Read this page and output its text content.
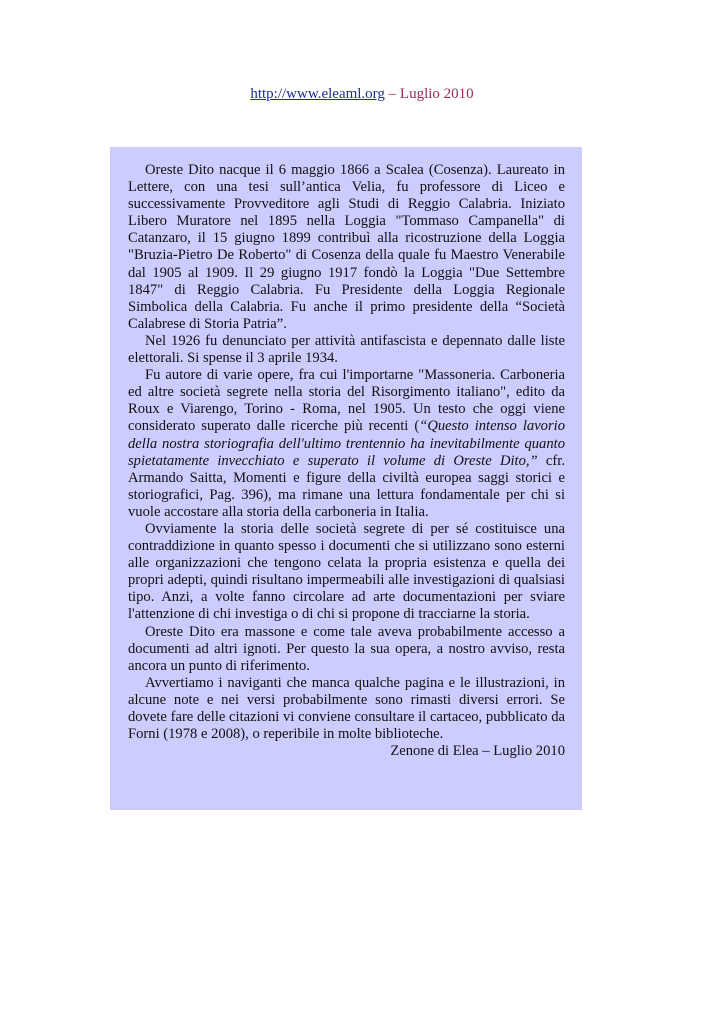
http://www.eleaml.org – Luglio 2010

Oreste Dito nacque il 6 maggio 1866 a Scalea (Cosenza). Laureato in Lettere, con una tesi sull’antica Velia, fu professore di Liceo e successivamente Provveditore agli Studi di Reggio Calabria. Iniziato Libero Muratore nel 1895 nella Loggia "Tommaso Campanella" di Catanzaro, il 15 giugno 1899 contribuì alla ricostruzione della Loggia "Bruzia-Pietro De Roberto" di Cosenza della quale fu Maestro Venerabile dal 1905 al 1909. Il 29 giugno 1917 fondò la Loggia "Due Settembre 1847" di Reggio Calabria. Fu Presidente della Loggia Regionale Simbolica della Calabria. Fu anche il primo presidente della “Società Calabrese di Storia Patria”.

Nel 1926 fu denunciato per attività antifascista e depennato dalle liste elettorali. Si spense il 3 aprile 1934.

Fu autore di varie opere, fra cui l'importarne "Massoneria. Carboneria ed altre società segrete nella storia del Risorgimento italiano", edito da Roux e Viarengo, Torino - Roma, nel 1905. Un testo che oggi viene considerato superato dalle ricerche più recenti (“Questo intenso lavorio della nostra storiografia dell'ultimo trentennio ha inevitabilmente quanto spietatamente invecchiato e superato il volume di Oreste Dito,” cfr. Armando Saitta, Momenti e figure della civiltà europea saggi storici e storiografici, Pag. 396), ma rimane una lettura fondamentale per chi si vuole accostare alla storia della carboneria in Italia.

Ovviamente la storia delle società segrete di per sé costituisce una contraddizione in quanto spesso i documenti che si utilizzano sono esterni alle organizzazioni che tengono celata la propria esistenza e quella dei propri adepti, quindi risultano impermeabili alle investigazioni di qualsiasi tipo. Anzi, a volte fanno circolare ad arte documentazioni per sviare l'attenzione di chi investiga o di chi si propone di tracciarne la storia.

Oreste Dito era massone e come tale aveva probabilmente accesso a documenti ad altri ignoti. Per questo la sua opera, a nostro avviso, resta ancora un punto di riferimento.

Avvertiamo i naviganti che manca qualche pagina e le illustrazioni, in alcune note e nei versi probabilmente sono rimasti diversi errori. Se dovete fare delle citazioni vi conviene consultare il cartaceo, pubblicato da Forni (1978 e 2008), o reperibile in molte biblioteche.

Zenone di Elea – Luglio 2010
